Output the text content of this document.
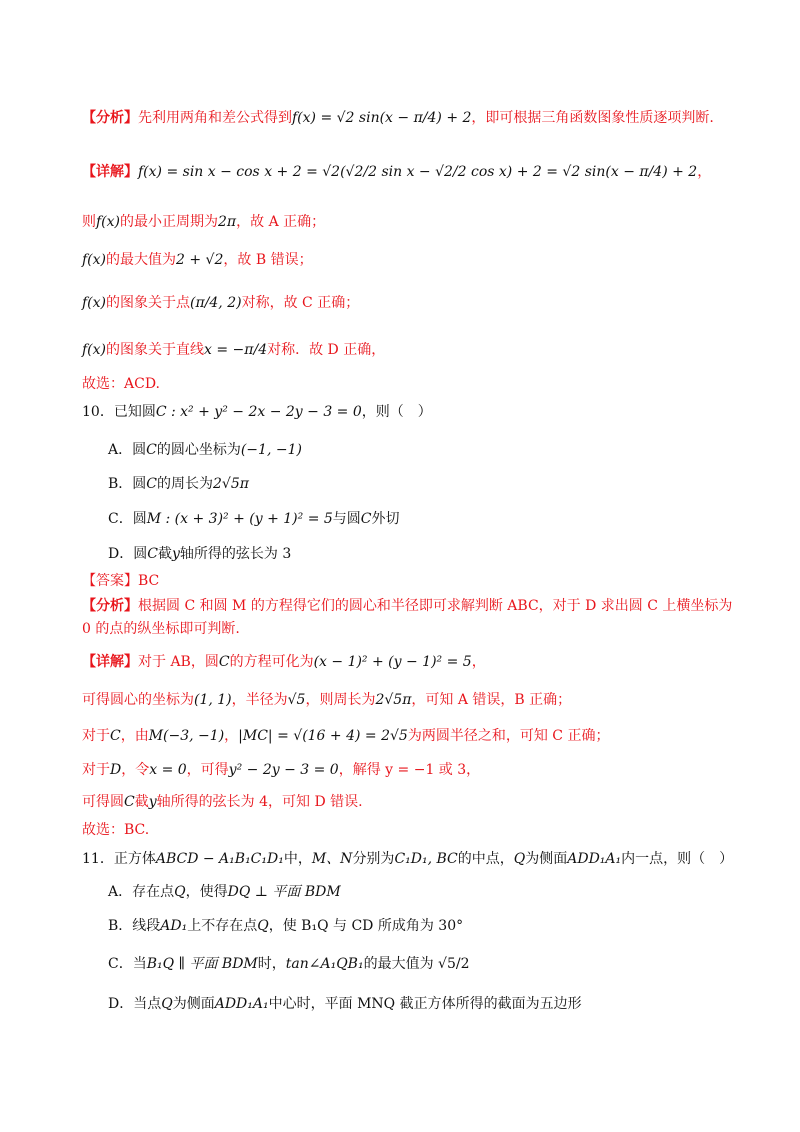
【分析】先利用两角和差公式得到f(x) = √2 sin(x − π/4) + 2，即可根据三角函数图象性质逐项判断.
【详解】f(x) = sin x − cos x + 2 = √2(√2/2 sin x − √2/2 cos x) + 2 = √2 sin(x − π/4) + 2，
则f(x)的最小正周期为2π，故 A 正确；
f(x)的最大值为2 + √2，故 B 错误；
f(x)的图象关于点(π/4, 2)对称，故 C 正确；
f(x)的图象关于直线x = −π/4对称．故 D 正确，
故选：ACD.
10．已知圆C : x² + y² − 2x − 2y − 3 = 0，则（　）
A．圆C的圆心坐标为(−1, −1)
B．圆C的周长为2√5π
C．圆M : (x + 3)² + (y + 1)² = 5与圆C外切
D．圆C截y轴所得的弦长为 3
【答案】BC
【分析】根据圆 C 和圆 M 的方程得它们的圆心和半径即可求解判断 ABC，对于 D 求出圆 C 上横坐标为 0 的点的纵坐标即可判断.
【详解】对于 AB，圆C的方程可化为(x − 1)² + (y − 1)² = 5，
可得圆心的坐标为(1, 1)，半径为√5，则周长为2√5π，可知 A 错误，B 正确；
对于C，由M(−3, −1)，|MC| = √(16 + 4) = 2√5为两圆半径之和，可知 C 正确；
对于D，令x = 0，可得y² − 2y − 3 = 0，解得 y = −1 或 3，
可得圆C截y轴所得的弦长为 4，可知 D 错误.
故选：BC.
11．正方体ABCD − A₁B₁C₁D₁中，M、N分别为C₁D₁, BC的中点，Q为侧面ADD₁A₁内一点，则（　）
A．存在点Q，使得DQ ⊥ 平面 BDM
B．线段AD₁上不存在点Q，使 B₁Q 与 CD 所成角为 30°
C．当B₁Q ∥ 平面 BDM时，tan∠A₁QB₁的最大值为 √5/2
D．当点Q为侧面ADD₁A₁中心时，平面 MNQ 截正方体所得的截面为五边形
